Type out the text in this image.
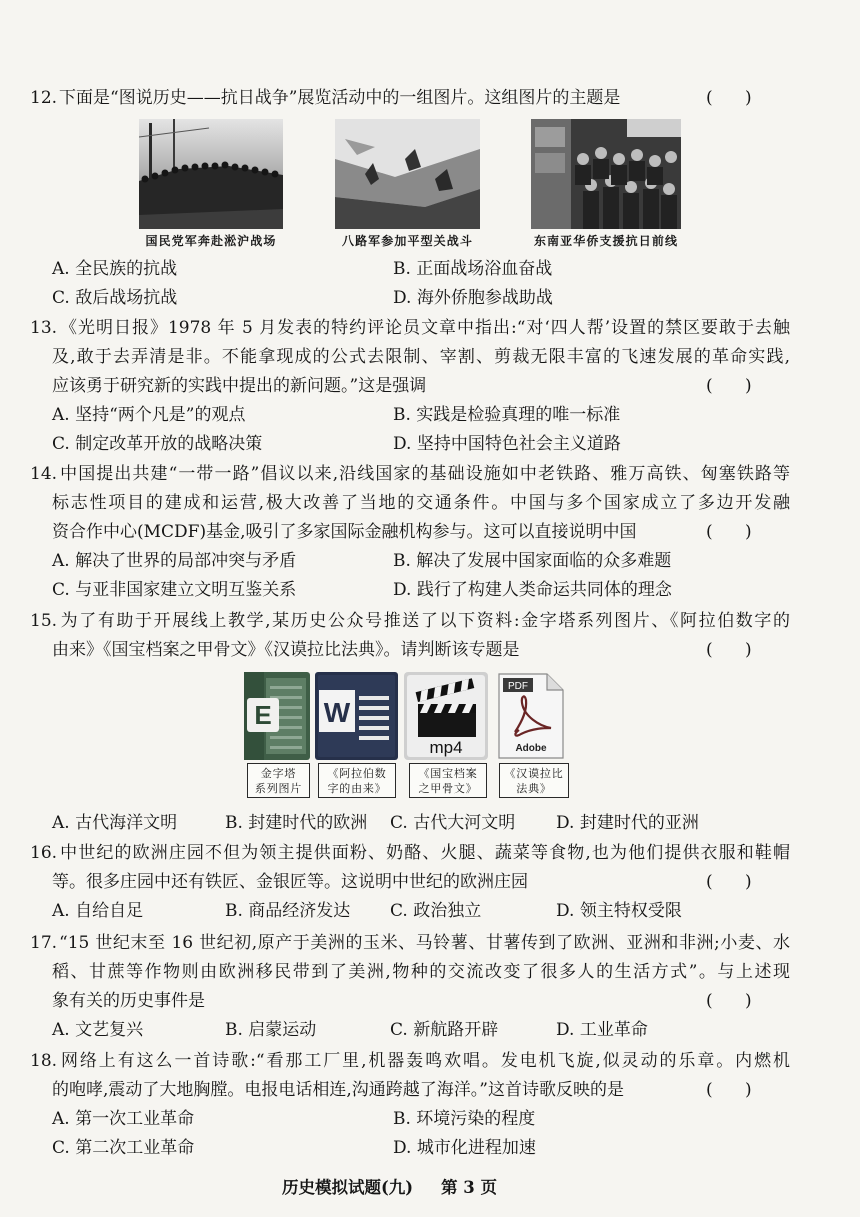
12. 下面是“图说历史——抗日战争”展览活动中的一组图片。这组图片的主题是	(      )
国民党军奔赴淞沪战场	八路军参加平型关战斗	东南亚华侨支援抗日前线
A. 全民族的抗战	B. 正面战场浴血奋战
C. 敌后战场抗战	D. 海外侨胞参战助战
13. 《光明日报》1978 年 5 月发表的特约评论员文章中指出:“对‘四人帮’设置的禁区要敢于去触
及,敢于去弄清是非。不能拿现成的公式去限制、宰割、剪裁无限丰富的飞速发展的革命实践,
应该勇于研究新的实践中提出的新问题。”这是强调	(      )
A. 坚持“两个凡是”的观点	B. 实践是检验真理的唯一标准
C. 制定改革开放的战略决策	D. 坚持中国特色社会主义道路
14. 中国提出共建“一带一路”倡议以来,沿线国家的基础设施如中老铁路、雅万高铁、匈塞铁路等
标志性项目的建成和运营,极大改善了当地的交通条件。中国与多个国家成立了多边开发融
资合作中心(MCDF)基金,吸引了多家国际金融机构参与。这可以直接说明中国	(      )
A. 解决了世界的局部冲突与矛盾	B. 解决了发展中国家面临的众多难题
C. 与亚非国家建立文明互鉴关系	D. 践行了构建人类命运共同体的理念
15. 为了有助于开展线上教学,某历史公众号推送了以下资料:金字塔系列图片、《阿拉伯数字的
由来》《国宝档案之甲骨文》《汉谟拉比法典》。请判断该专题是	(      )
E W
mp4
PDF
Adobe
金字塔
系列图片
《阿拉伯数
字的由来》
《国宝档案
之甲骨文》
《汉谟拉比
法典》
A. 古代海洋文明	B. 封建时代的欧洲 C. 古代大河文明 D. 封建时代的亚洲
16. 中世纪的欧洲庄园不但为领主提供面粉、奶酪、火腿、蔬菜等食物,也为他们提供衣服和鞋帽
等。很多庄园中还有铁匠、金银匠等。这说明中世纪的欧洲庄园	(      )
A. 自给自足	B. 商品经济发达 C. 政治独立	D. 领主特权受限
17. “15 世纪末至 16 世纪初,原产于美洲的玉米、马铃薯、甘薯传到了欧洲、亚洲和非洲;小麦、水
稻、甘蔗等作物则由欧洲移民带到了美洲,物种的交流改变了很多人的生活方式”。与上述现
象有关的历史事件是	(      )
A. 文艺复兴	B. 启蒙运动	C. 新航路开辟	D. 工业革命
18. 网络上有这么一首诗歌:“看那工厂里,机器轰鸣欢唱。发电机飞旋,似灵动的乐章。内燃机
的咆哮,震动了大地胸膛。电报电话相连,沟通跨越了海洋。”这首诗歌反映的是	(      )
A. 第一次工业革命	B. 环境污染的程度
C. 第二次工业革命	D. 城市化进程加速
历史模拟试题(九) 第 3 页
